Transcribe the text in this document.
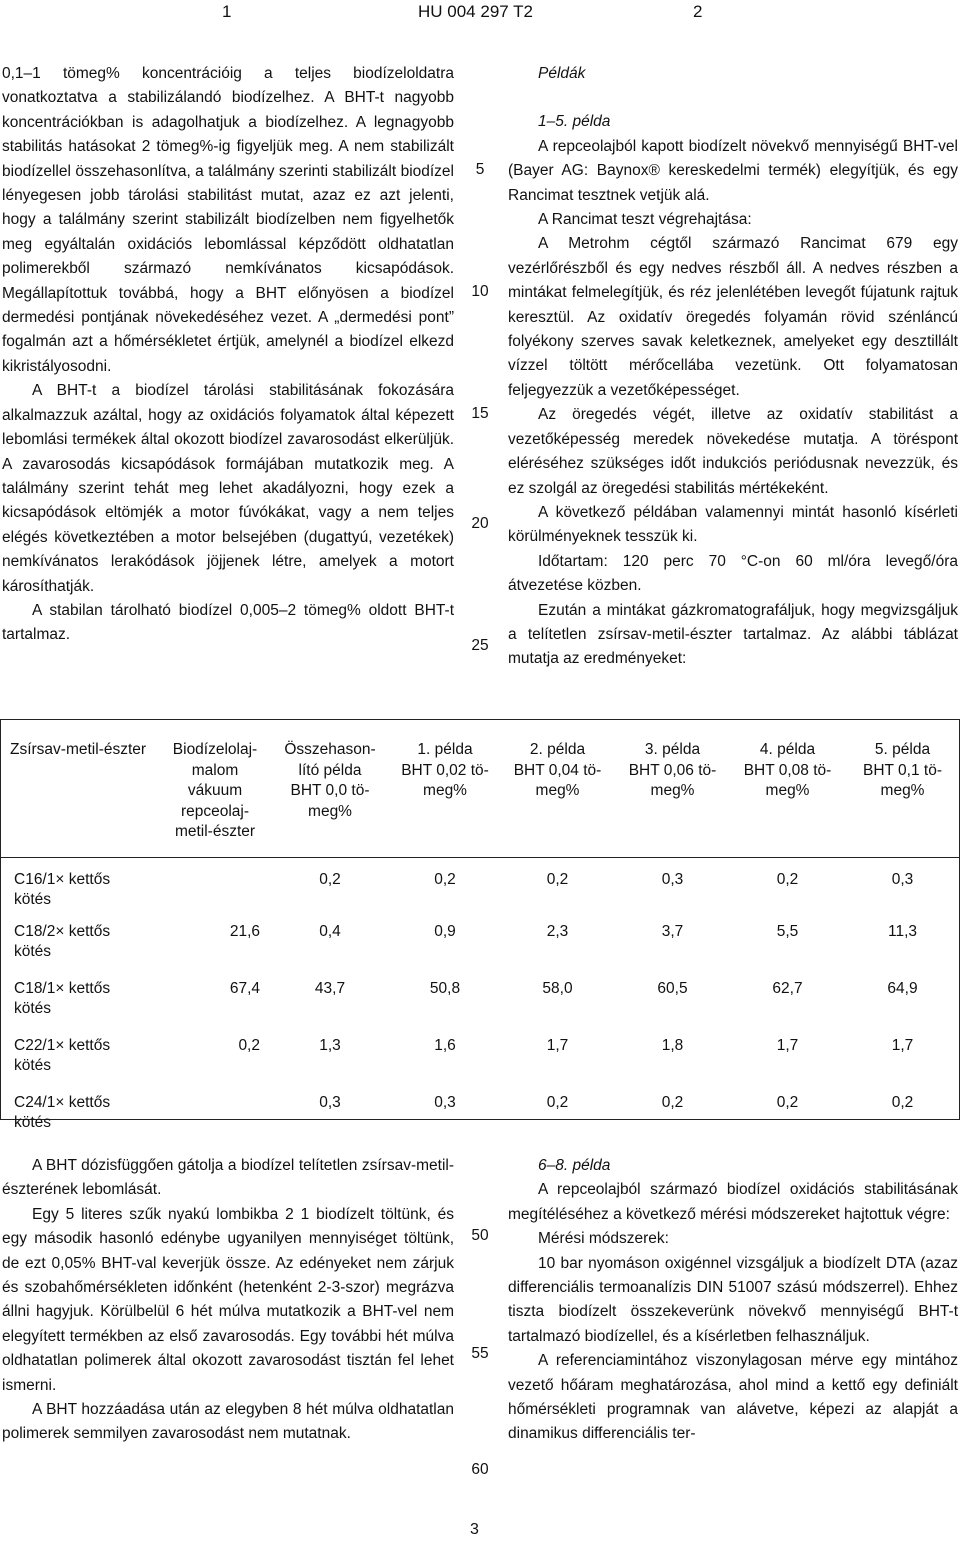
1	HU 004 297 T2	2

0,1–1 tömeg% koncentrációig a teljes biodízeloldatra vonatkoztatva a stabilizálandó biodízelhez. A BHT-t nagyobb koncentrációkban is adagolhatjuk a biodízelhez. A legnagyobb stabilitás hatásokat 2 tömeg%-ig figyeljük meg. A nem stabilizált biodízellel összehasonlítva, a találmány szerinti stabilizált biodízel lényegesen jobb tárolási stabilitást mutat, azaz ez azt jelenti, hogy a találmány szerint stabilizált biodízelben nem figyelhetők meg egyáltalán oxidációs lebomlással képződött oldhatatlan polimerekből származó nemkívánatos kicsapódások. Megállapítottuk továbbá, hogy a BHT előnyösen a biodízel dermedési pontjának növekedéséhez vezet. A „dermedési pont” fogalmán azt a hőmérsékletet értjük, amelynél a biodízel elkezd kikristályosodni.

A BHT-t a biodízel tárolási stabilitásának fokozására alkalmazzuk azáltal, hogy az oxidációs folyamatok által képezett lebomlási termékek által okozott biodízel zavarosodást elkerüljük. A zavarosodás kicsapódások formájában mutatkozik meg. A találmány szerint tehát meg lehet akadályozni, hogy ezek a kicsapódások eltömjék a motor fúvókákat, vagy a nem teljes elégés következtében a motor belsejében (dugattyú, vezetékek) nemkívánatos lerakódások jöjjenek létre, amelyek a motort károsíthatják.

A stabilan tárolható biodízel 0,005–2 tömeg% oldott BHT-t tartalmaz.

5
10
15
20
25

Példák

1–5. példa

A repceolajból kapott biodízelt növekvő mennyiségű BHT-vel (Bayer AG: Baynox® kereskedelmi termék) elegyítjük, és egy Rancimat tesztnek vetjük alá.

A Rancimat teszt végrehajtása:

A Metrohm cégtől származó Rancimat 679 egy vezérlőrészből és egy nedves részből áll. A nedves részben a mintákat felmelegítjük, és réz jelenlétében levegőt fújatunk rajtuk keresztül. Az oxidatív öregedés folyamán rövid szénláncú folyékony szerves savak keletkeznek, amelyeket egy desztillált vízzel töltött mérőcellába vezetünk. Ott folyamatosan feljegyezzük a vezetőképességet.

Az öregedés végét, illetve az oxidatív stabilitást a vezetőképesség meredek növekedése mutatja. A töréspont eléréséhez szükséges időt indukciós periódusnak nevezzük, és ez szolgál az öregedési stabilitás mértékeként.

A következő példában valamennyi mintát hasonló kísérleti körülményeknek tesszük ki.

Időtartam: 120 perc 70 °C-on 60 ml/óra levegő/óra átvezetése közben.

Ezután a mintákat gázkromatografáljuk, hogy megvizsgáljuk a telítetlen zsírsav-metil-észter tartalmaz. Az alábbi táblázat mutatja az eredményeket:

Zsírsav-metil-észter	Biodízelolaj-
malom
vákuum
repceolaj-
metil-észter	Összehason-
lító példa
BHT 0,0 tö-
meg%	1. példa
BHT 0,02 tö-
meg%	2. példa
BHT 0,04 tö-
meg%	3. példa
BHT 0,06 tö-
meg%	4. példa
BHT 0,08 tö-
meg%	5. példa
BHT 0,1 tö-
meg%
C16/1× kettős
kötés		0,2	0,2	0,2	0,3	0,2	0,3
C18/2× kettős
kötés	21,6	0,4	0,9	2,3	3,7	5,5	11,3
C18/1× kettős
kötés	67,4	43,7	50,8	58,0	60,5	62,7	64,9
C22/1× kettős
kötés	0,2	1,3	1,6	1,7	1,8	1,7	1,7
C24/1× kettős
kötés		0,3	0,3	0,2	0,2	0,2	0,2

A BHT dózisfüggően gátolja a biodízel telítetlen zsírsav-metil-észterének lebomlását.

Egy 5 literes szűk nyakú lombikba 2 1 biodízelt töltünk, és egy második hasonló edénybe ugyanilyen mennyiséget töltünk, de ezt 0,05% BHT-val keverjük össze. Az edényeket nem zárjuk és szobahőmérsékleten időnként (hetenként 2-3-szor) megrázva állni hagyjuk. Körülbelül 6 hét múlva mutatkozik a BHT-vel nem elegyített termékben az első zavarosodás. Egy további hét múlva oldhatatlan polimerek által okozott zavarosodást tisztán fel lehet ismerni.

A BHT hozzáadása után az elegyben 8 hét múlva oldhatatlan polimerek semmilyen zavarosodást nem mutatnak.

50
55
60

6–8. példa

A repceolajból származó biodízel oxidációs stabilitásának megítéléséhez a következő mérési módszereket hajtottuk végre:

Mérési módszerek:

10 bar nyomáson oxigénnel vizsgáljuk a biodízelt DTA (azaz differenciális termoanalízis DIN 51007 szású módszerrel). Ehhez tiszta biodízelt összekeverünk növekvő mennyiségű BHT-t tartalmazó biodízellel, és a kísérletben felhasználjuk.

A referenciamintához viszonylagosan mérve egy mintához vezető hőáram meghatározása, ahol mind a kettő egy definiált hőmérsékleti programnak van alávetve, képezi az alapját a dinamikus differenciális ter-

3
